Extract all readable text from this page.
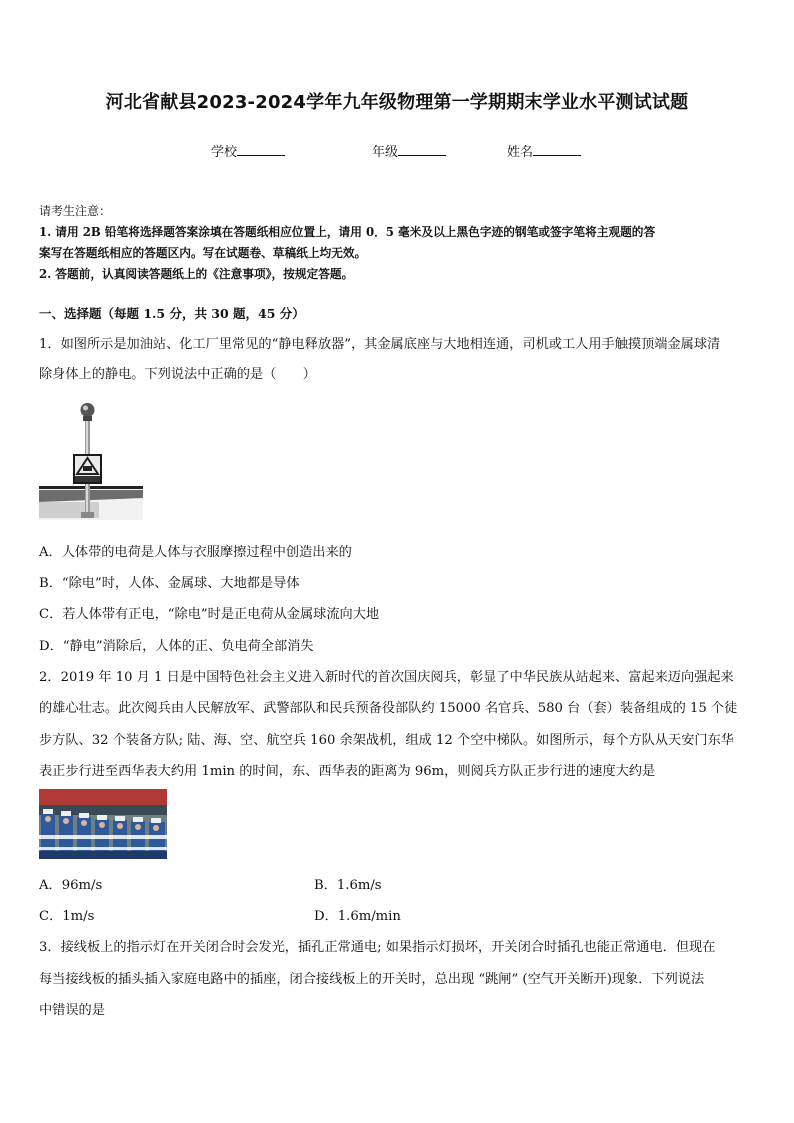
河北省献县2023-2024学年九年级物理第一学期期末学业水平测试试题
学校	年级	姓名
请考生注意：
1. 请用 2B 铅笔将选择题答案涂填在答题纸相应位置上，请用 0．5 毫米及以上黑色字迹的钢笔或签字笔将主观题的答
案写在答题纸相应的答题区内。写在试题卷、草稿纸上均无效。
2. 答题前，认真阅读答题纸上的《注意事项》，按规定答题。
一、选择题（每题 1.5 分，共 30 题，45 分）
1．如图所示是加油站、化工厂里常见的“静电释放器”，其金属底座与大地相连通，司机或工人用手触摸顶端金属球清
除身体上的静电。下列说法中正确的是（　　）
A．人体带的电荷是人体与衣服摩擦过程中创造出来的
B．“除电”时，人体、金属球、大地都是导体
C．若人体带有正电，“除电”时是正电荷从金属球流向大地
D．“静电”消除后，人体的正、负电荷全部消失
2．2019 年 10 月 1 日是中国特色社会主义进入新时代的首次国庆阅兵，彰显了中华民族从站起来、富起来迈向强起来
的雄心壮志。此次阅兵由人民解放军、武警部队和民兵预备役部队约 15000 名官兵、580 台（套）装备组成的 15 个徒
步方队、32 个装备方队; 陆、海、空、航空兵 160 余架战机，组成 12 个空中梯队。如图所示，每个方队从天安门东华
表正步行进至西华表大约用 1min 的时间，东、西华表的距离为 96m，则阅兵方队正步行进的速度大约是
A．96m/s	B．1.6m/s
C．1m/s	D．1.6m/min
3．接线板上的指示灯在开关闭合时会发光，插孔正常通电; 如果指示灯损坏，开关闭合时插孔也能正常通电．但现在
每当接线板的插头插入家庭电路中的插座，闭合接线板上的开关时，总出现 “跳闸” (空气开关断开)现象．下列说法
中错误的是
